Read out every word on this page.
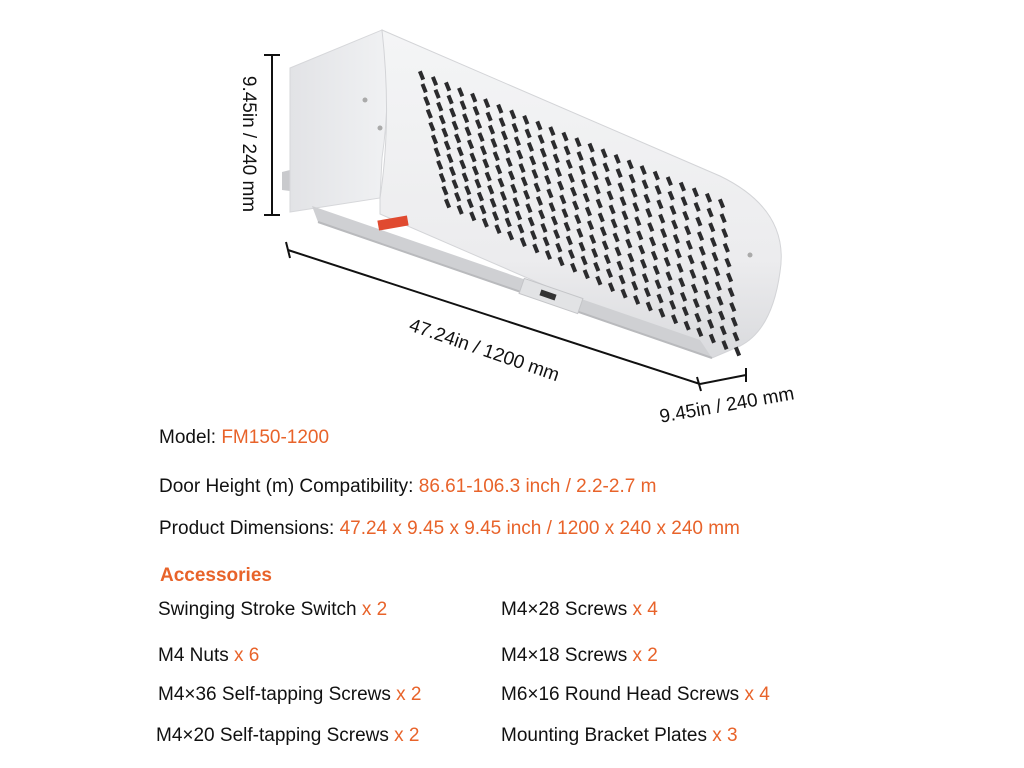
9.45in / 240 mm
47.24in / 1200 mm
9.45in / 240 mm
Model: FM150-1200
Door Height (m) Compatibility: 86.61-106.3 inch / 2.2-2.7 m
Product Dimensions: 47.24 x 9.45 x 9.45 inch / 1200 x 240 x 240 mm
Accessories
Swinging Stroke Switch x 2	M4×28 Screws x 4
M4 Nuts x 6	M4×18 Screws x 2
M4×36 Self-tapping Screws x 2	M6×16 Round Head Screws x 4
M4×20 Self-tapping Screws x 2	Mounting Bracket Plates x 3
